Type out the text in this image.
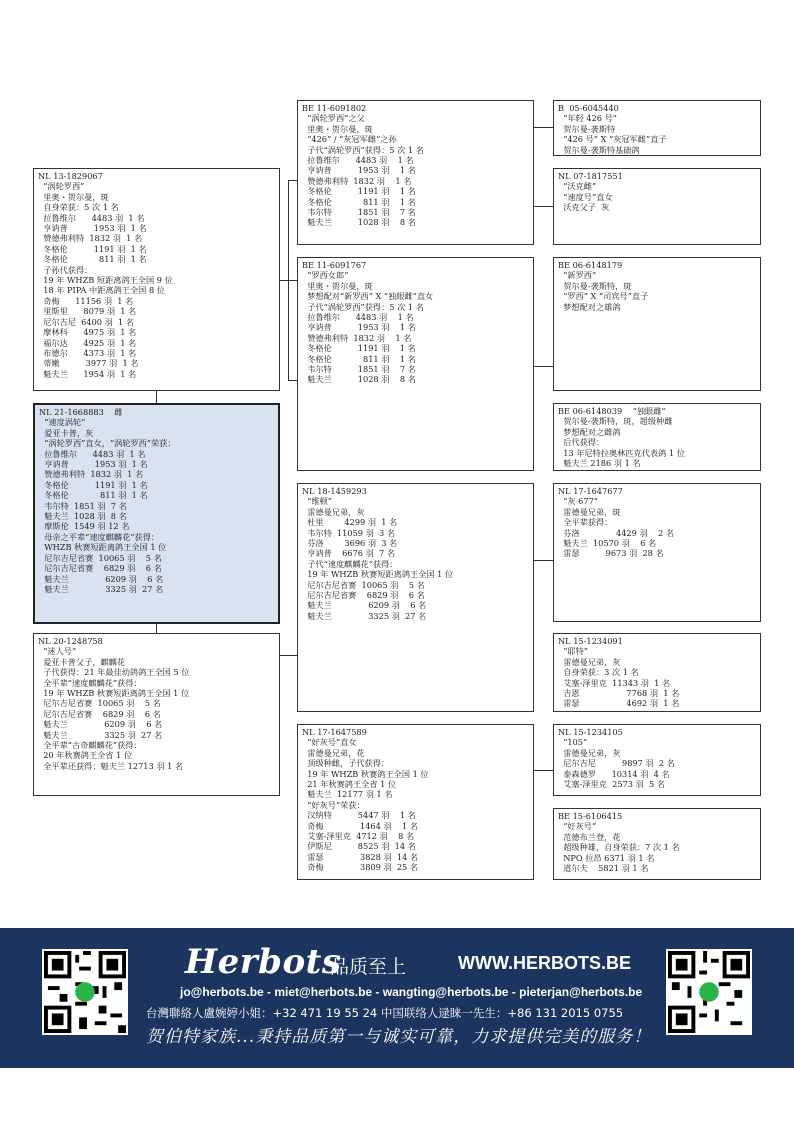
NL 13-1829067
“涡轮罗西”
里奥・贺尔曼，斑
自身荣获：5 次 1 名
拉鲁维尔      4483 羽  1 名
亨讷普          1953 羽  1 名
赞德弗利特  1832 羽  1 名
冬格伦          1191 羽  1 名
冬格伦            811 羽  1 名
子孙代获得：
19 年 WHZB 短距离鸽王全国 9 位
18 年 PIPA 中距离鸽王全国 8 位
奇梅      11156 羽  1 名
里斯里      8079 羽  1 名
尼尔吉尼  6400 羽  1 名
摩林科      4975 羽  1 名
福尔达      4925 羽  1 名
布德尔      4373 羽  1 名
蒂嫩          3977 羽  1 名
魁夫兰      1954 羽  1 名
NL 21-1668883    雌
“速度涡轮”
爱亚卡普，灰
“涡轮罗西”直女，“涡轮罗西”荣获：
拉鲁维尔      4483 羽  1 名
亨讷普          1953 羽  1 名
赞德弗利特  1832 羽  1 名
冬格伦          1191 羽  1 名
冬格伦            811 羽  1 名
韦尔特  1851 羽  7 名
魁夫兰  1028 羽  8 名
摩斯伦  1549 羽 12 名
母亲之平辈“速度麒麟花”获得：
WHZB 秋赛短距离鸽王全国 1 位
尼尔吉尼省赛  10065 羽    5 名
尼尔吉尼省赛    6829 羽    6 名
魁夫兰              6209 羽    6 名
魁夫兰              3325 羽  27 名
NL 20-1248758
“迷人号”
爱亚卡普父子，麒麟花
子代获得：21 年最佳幼鸽鸽王全国 5 位
全平辈“速度麒麟花”获得：
19 年 WHZB 秋赛短距离鸽王全国 1 位
尼尔吉尼省赛  10065 羽    5 名
尼尔吉尼省赛    6829 羽    6 名
魁夫兰              6209 羽    6 名
魁夫兰              3325 羽  27 名
全平辈“古奇麒麟花”获得：
20 年秋赛鸽王全省 1 位
全平辈还获得：魁夫兰 12713 羽 1 名
BE 11-6091802
“涡轮罗西”之父
里奥・贺尔曼，斑
“426” / “灰冠军雌”之孙
子代“涡轮罗西”获得：5 次 1 名
拉鲁维尔      4483 羽    1 名
亨讷普          1953 羽    1 名
赞德弗利特  1832 羽    1 名
冬格伦          1191 羽    1 名
冬格伦            811 羽    1 名
韦尔特          1851 羽    7 名
魁夫兰          1028 羽    8 名
BE 11-6091767
“罗西女郎”
里奥・贺尔曼，斑
梦想配对“新罗西” X “独眼雌”直女
子代“涡轮罗西”获得：5 次 1 名
拉鲁维尔      4483 羽    1 名
亨讷普          1953 羽    1 名
赞德弗利特  1832 羽    1 名
冬格伦          1191 羽    1 名
冬格伦            811 羽    1 名
韦尔特          1851 羽    7 名
魁夫兰          1028 羽    8 名
NL 18-1459293
“维顿”
雷德曼兄弟，灰
杜里        4299 羽  1 名
韦尔特  11059 羽  3 名
芬洛        3696 羽  3 名
亨讷普    6676 羽  7 名
子代“速度麒麟花”获得：
19 年 WHZB 秋赛短距离鸽王全国 1 位
尼尔吉尼省赛  10065 羽    5 名
尼尔吉尼省赛    6829 羽    6 名
魁夫兰              6209 羽    6 名
魁夫兰              3325 羽  27 名
NL 17-1647589
“好灰号”直女
雷德曼兄弟，花
顶级种雌，子代获得：
19 年 WHZB 秋赛鸽王全国 1 位
21 年秋赛鸽王全省 1 位
魁夫兰  12177 羽 1 名
“好灰号”荣获：
汉纳特          5447 羽    1 名
奇梅              1464 羽    1 名
艾塞-泽里克  4712 羽    8 名
伊斯尼          8525 羽  14 名
雷瑟              3828 羽  14 名
奇梅              3809 羽  25 名
B  05-6045440
“年轻 426 号”
贺尔曼-袭斯特
“426 号” X “灰冠军雌”直子
贺尔曼-袭斯特基础鸽
NL 07-1817551
“沃克雌”
“速度号”直女
沃克父子  灰
BE 06-6148179
“新罗西”
贺尔曼-袭斯特，斑
“罗西” X “司宾号”直子
梦想配对之雄鸽
BE 06-6148039    “独眼雌”
贺尔曼-袭斯特，斑，超级种雌
梦想配对之雌鸽
后代获得：
13 年尼特拉奥林匹克代表鸽 1 位
魁夫兰 2186 羽 1 名
NL 17-1647677
“灰 677”
雷德曼兄弟，斑
全平辈获得：
芬洛              4429 羽    2 名
魁夫兰  10570 羽    6 名
雷瑟          9673 羽  28 名
NL 15-1234091
“耶特”
雷德曼兄弟，灰
自身荣获：3 次 1 名
艾塞-泽里克  11343 羽  1 名
吉恩                  7768 羽  1 名
雷瑟                  4692 羽  1 名
NL 15-1234105
“105”
雷德曼兄弟，灰
尼尔吉尼          9897 羽  2 名
泰森德罗      10314 羽  4 名
艾塞-泽里克  2573 羽  5 名
BE 15-6106415
“好灰号”
范德布兰登，花
超级种雄，自身荣获：7 次 1 名
NPO 拉昂 6371 羽 1 名
道尔夫    5821 羽 1 名
Herbots
品质至上	WWW.HERBOTS.BE
jo@herbots.be - miet@herbots.be - wangting@herbots.be - pieterjan@herbots.be
台灣聯絡人盧婉婷小姐：+32 471 19 55 24 中国联络人逯睐一先生：+86 131 2015 0755
贺伯特家族...秉持品质第一与诚实可靠，力求提供完美的服务！
